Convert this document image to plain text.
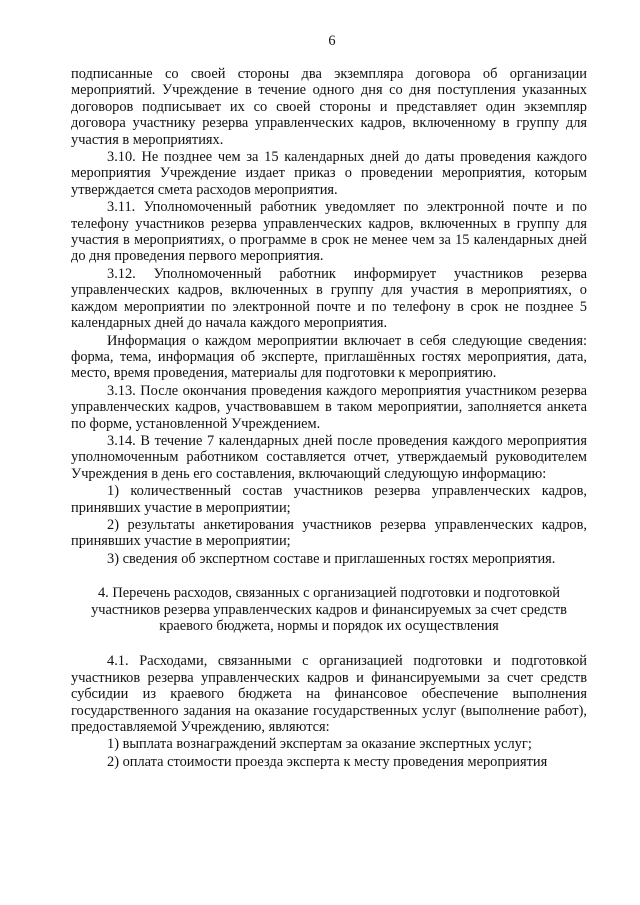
6

подписанные со своей стороны два экземпляра договора об организации мероприятий. Учреждение в течение одного дня со дня поступления указанных договоров подписывает их со своей стороны и представляет один экземпляр договора участнику резерва управленческих кадров, включенному в группу для участия в мероприятиях.

3.10. Не позднее чем за 15 календарных дней до даты проведения каждого мероприятия Учреждение издает приказ о проведении мероприятия, которым утверждается смета расходов мероприятия.

3.11. Уполномоченный работник уведомляет по электронной почте и по телефону участников резерва управленческих кадров, включенных в группу для участия в мероприятиях, о программе в срок не менее чем за 15 календарных дней до дня проведения первого мероприятия.

3.12. Уполномоченный работник информирует участников резерва управленческих кадров, включенных в группу для участия в мероприятиях, о каждом мероприятии по электронной почте и по телефону в срок не позднее 5 календарных дней до начала каждого мероприятия.

Информация о каждом мероприятии включает в себя следующие сведения: форма, тема, информация об эксперте, приглашённых гостях мероприятия, дата, место, время проведения, материалы для подготовки к мероприятию.

3.13. После окончания проведения каждого мероприятия участником резерва управленческих кадров, участвовавшем в таком мероприятии, заполняется анкета по форме, установленной Учреждением.

3.14. В течение 7 календарных дней после проведения каждого мероприятия уполномоченным работником составляется отчет, утверждаемый руководителем Учреждения в день его составления, включающий следующую информацию:

1) количественный состав участников резерва управленческих кадров, принявших участие в мероприятии;

2) результаты анкетирования участников резерва управленческих кадров, принявших участие в мероприятии;

3) сведения об экспертном составе и приглашенных гостях мероприятия.

4. Перечень расходов, связанных с организацией подготовки и подготовкой

участников резерва управленческих кадров и финансируемых за счет средств

краевого бюджета, нормы и порядок их осуществления

4.1. Расходами, связанными с организацией подготовки и подготовкой участников резерва управленческих кадров и финансируемыми за счет средств субсидии из краевого бюджета на финансовое обеспечение выполнения государственного задания на оказание государственных услуг (выполнение работ), предоставляемой Учреждению, являются:

1) выплата вознаграждений экспертам за оказание экспертных услуг;

2) оплата стоимости проезда эксперта к месту проведения мероприятия
